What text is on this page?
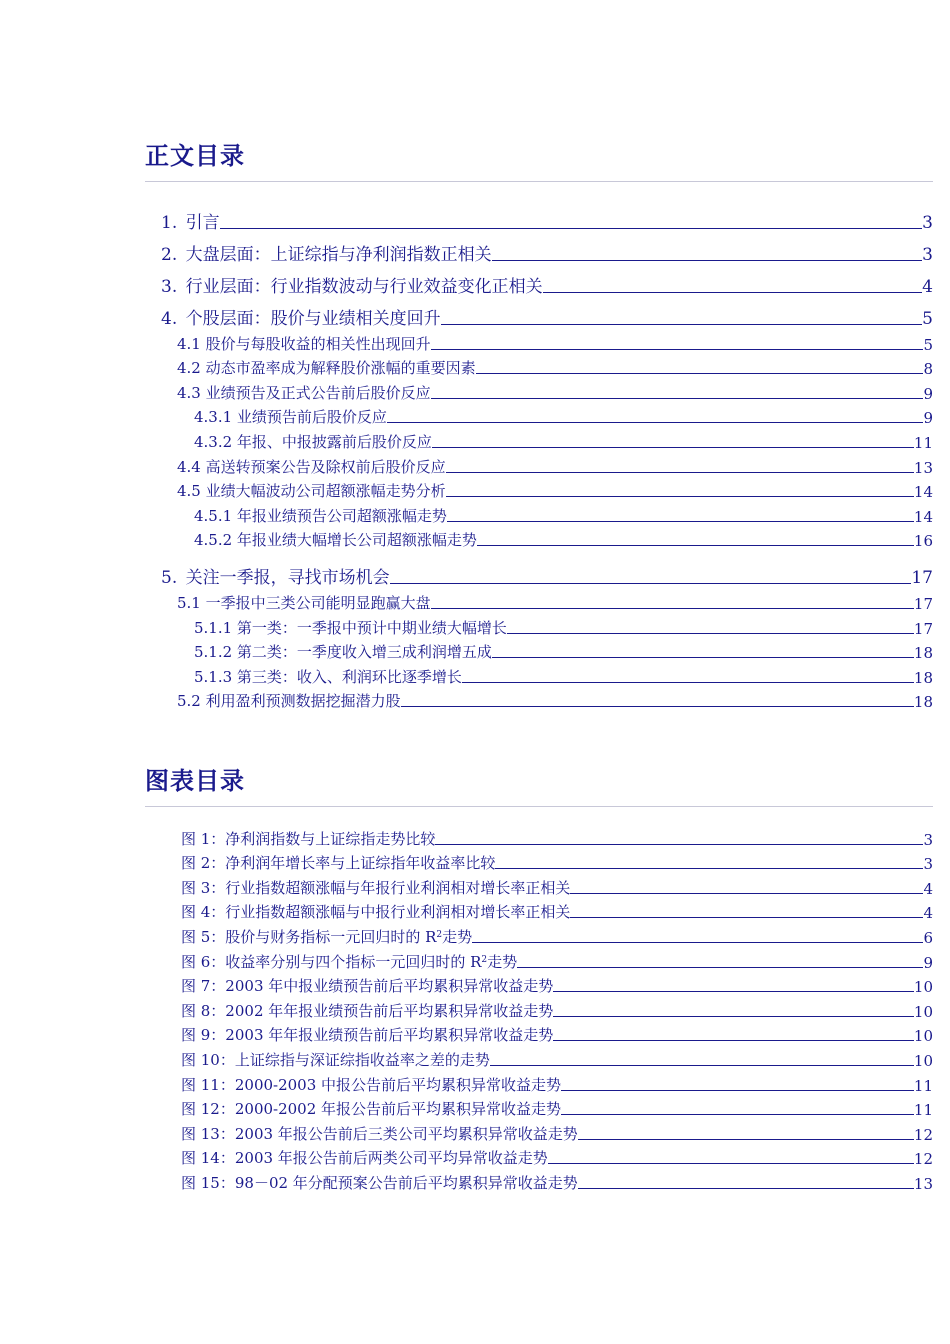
正文目录
1. 引言	3
2. 大盘层面：上证综指与净利润指数正相关	3
3. 行业层面：行业指数波动与行业效益变化正相关	4
4. 个股层面：股价与业绩相关度回升	5
4.1 股价与每股收益的相关性出现回升	5
4.2 动态市盈率成为解释股价涨幅的重要因素	8
4.3 业绩预告及正式公告前后股价反应	9
4.3.1 业绩预告前后股价反应	9
4.3.2 年报、中报披露前后股价反应	11
4.4 高送转预案公告及除权前后股价反应	13
4.5 业绩大幅波动公司超额涨幅走势分析	14
4.5.1 年报业绩预告公司超额涨幅走势	14
4.5.2 年报业绩大幅增长公司超额涨幅走势	16
5. 关注一季报，寻找市场机会	17
5.1 一季报中三类公司能明显跑赢大盘	17
5.1.1 第一类：一季报中预计中期业绩大幅增长	17
5.1.2 第二类：一季度收入增三成利润增五成	18
5.1.3 第三类：收入、利润环比逐季增长	18
5.2 利用盈利预测数据挖掘潜力股	18
图表目录
图 1：净利润指数与上证综指走势比较	3
图 2：净利润年增长率与上证综指年收益率比较	3
图 3：行业指数超额涨幅与年报行业利润相对增长率正相关	4
图 4：行业指数超额涨幅与中报行业利润相对增长率正相关	4
图 5：股价与财务指标一元回归时的 $R^2$走势	6
图 6：收益率分别与四个指标一元回归时的 $R^2$走势	9
图 7：2003 年中报业绩预告前后平均累积异常收益走势	10
图 8：2002 年年报业绩预告前后平均累积异常收益走势	10
图 9：2003 年年报业绩预告前后平均累积异常收益走势	10
图 10：上证综指与深证综指收益率之差的走势	10
图 11：2000-2003 中报公告前后平均累积异常收益走势	11
图 12：2000-2002 年报公告前后平均累积异常收益走势	11
图 13：2003 年报公告前后三类公司平均累积异常收益走势	12
图 14：2003 年报公告前后两类公司平均异常收益走势	12
图 15：98－02 年分配预案公告前后平均累积异常收益走势	13
